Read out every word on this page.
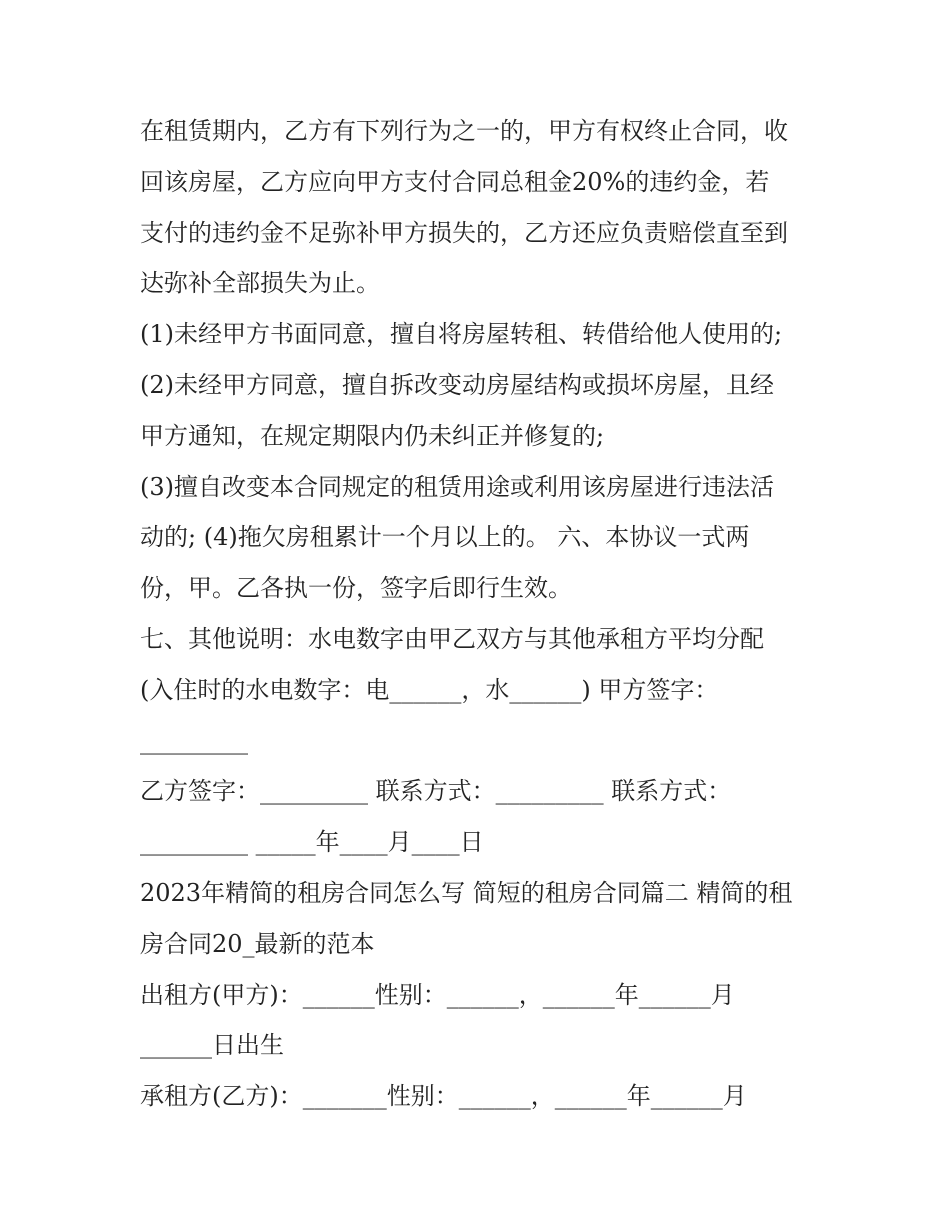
在租赁期内，乙方有下列行为之一的，甲方有权终止合同，收
回该房屋，乙方应向甲方支付合同总租金20%的违约金，若
支付的违约金不足弥补甲方损失的，乙方还应负责赔偿直至到
达弥补全部损失为止。
(1)未经甲方书面同意，擅自将房屋转租、转借给他人使用的;
(2)未经甲方同意，擅自拆改变动房屋结构或损坏房屋，且经
甲方通知，在规定期限内仍未纠正并修复的;
(3)擅自改变本合同规定的租赁用途或利用该房屋进行违法活
动的; (4)拖欠房租累计一个月以上的。 六、本协议一式两
份，甲。乙各执一份，签字后即行生效。
七、其他说明：水电数字由甲乙双方与其他承租方平均分配
(入住时的水电数字：电______，水______) 甲方签字：
_________
乙方签字：_________ 联系方式：_________ 联系方式：
_________ _____年____月____日
2023年精简的租房合同怎么写 简短的租房合同篇二 精简的租
房合同20_最新的范本
出租方(甲方)：______性别：______，______年______月
______日出生
承租方(乙方)：_______性别：______，______年______月
